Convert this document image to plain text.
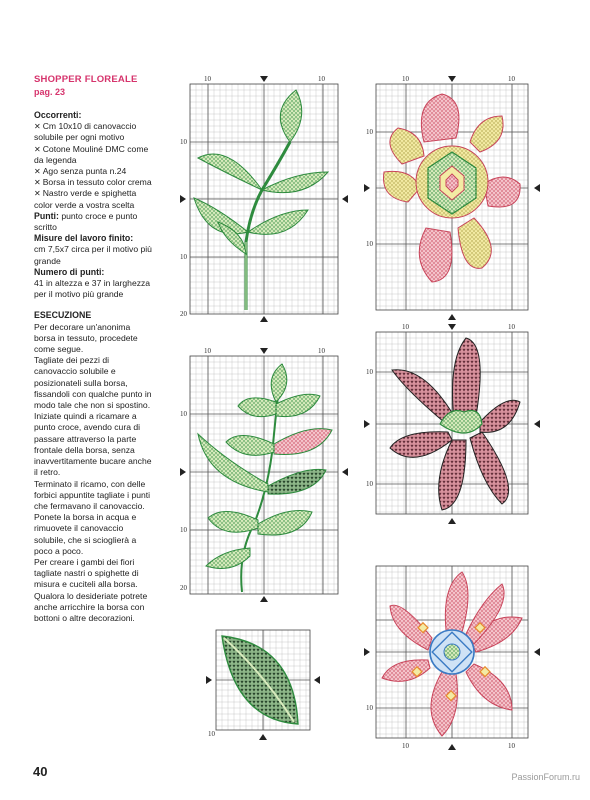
SHOPPER FLOREALE
pag. 23
Occorrenti:
✕ Cm 10x10 di canovaccio solubile per ogni motivo
✕ Cotone Mouliné DMC come da legenda
✕ Ago senza punta n.24
✕ Borsa in tessuto color crema
✕ Nastro verde e spighetta color verde a vostra scelta
Punti: punto croce e punto scritto
Misure del lavoro finito:
cm 7,5x7 circa per il motivo più grande
Numero di punti:
41 in altezza e 37 in larghezza per il motivo più grande
ESECUZIONE
Per decorare un'anonima borsa in tessuto, procedete come segue.
Tagliate dei pezzi di canovaccio solubile e posizionateli sulla borsa, fissandoli con qualche punto in modo tale che non si spostino.
Iniziate quindi a ricamare a punto croce, avendo cura di passare attraverso la parte frontale della borsa, senza inavvertitamente bucare anche il retro.
Terminato il ricamo, con delle forbici appuntite tagliate i punti che fermavano il canovaccio.
Ponete la borsa in acqua e rimuovete il canovaccio solubile, che si scioglierà a poco a poco.
Per creare i gambi dei fiori tagliate nastri o spighette di misura e cuciteli alla borsa.
Qualora lo desideriate potrete anche arricchire la borsa con bottoni o altre decorazioni.
10	10
10
10
20
10	10
10
10
10	10
10
10
20
10	10
10
10
10
10
10	10
40	PassionForum.ru
